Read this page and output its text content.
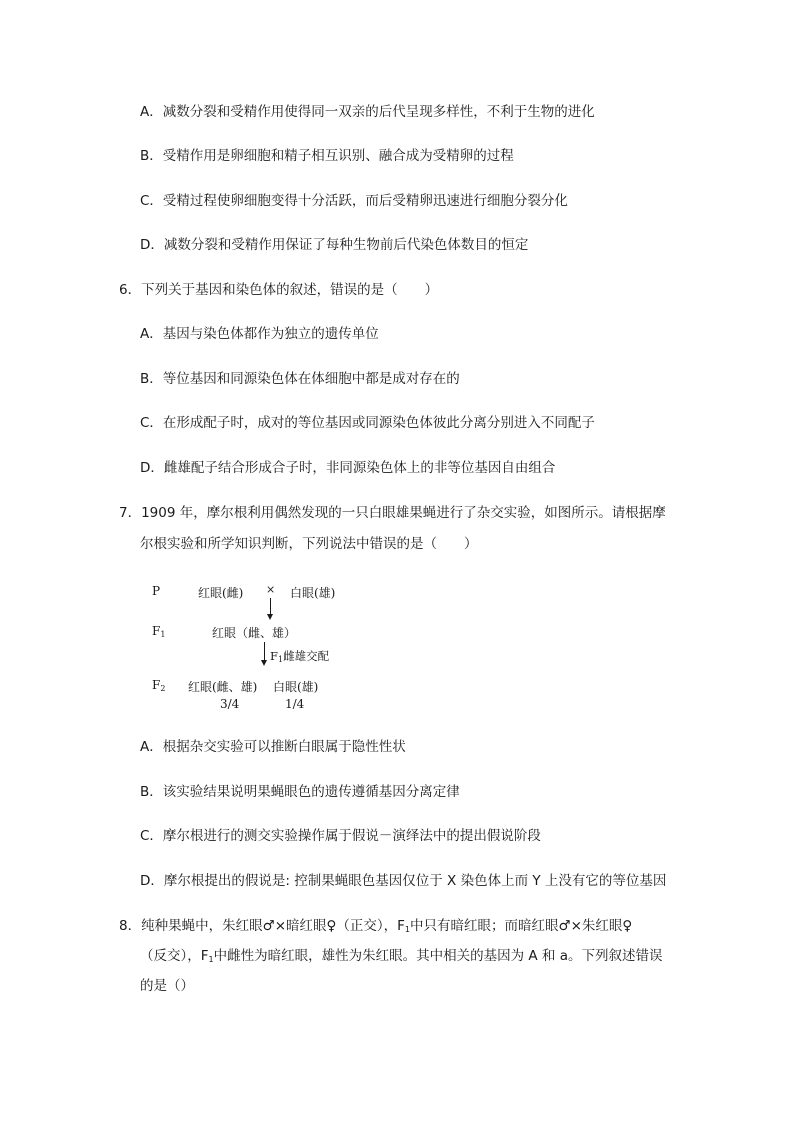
A．减数分裂和受精作用使得同一双亲的后代呈现多样性，不利于生物的进化
B．受精作用是卵细胞和精子相互识别、融合成为受精卵的过程
C．受精过程使卵细胞变得十分活跃，而后受精卵迅速进行细胞分裂分化
D．减数分裂和受精作用保证了每种生物前后代染色体数目的恒定
6．下列关于基因和染色体的叙述，错误的是（　　）
A．基因与染色体都作为独立的遗传单位
B．等位基因和同源染色体在体细胞中都是成对存在的
C．在形成配子时，成对的等位基因或同源染色体彼此分离分别进入不同配子
D．雌雄配子结合形成合子时，非同源染色体上的非等位基因自由组合
7．1909 年，摩尔根利用偶然发现的一只白眼雄果蝇进行了杂交实验，如图所示。请根据摩
尔根实验和所学知识判断，下列说法中错误的是（　　）
P	红眼(雌) × 白眼(雄)
$F_1$	红眼（雌、雄）
$F_1$雌雄交配
$F_2$ 红眼(雌、雄) 白眼(雄)
3/4	1/4
A．根据杂交实验可以推断白眼属于隐性性状
B．该实验结果说明果蝇眼色的遗传遵循基因分离定律
C．摩尔根进行的测交实验操作属于假说－演绎法中的提出假说阶段
D．摩尔根提出的假说是: 控制果蝇眼色基因仅位于 X 染色体上而 Y 上没有它的等位基因
8．纯种果蝇中，朱红眼♂×暗红眼♀（正交），$F_1$中只有暗红眼；而暗红眼♂×朱红眼♀
（反交），$F_1$中雌性为暗红眼，雄性为朱红眼。其中相关的基因为 A 和 a。下列叙述错误
的是（）
